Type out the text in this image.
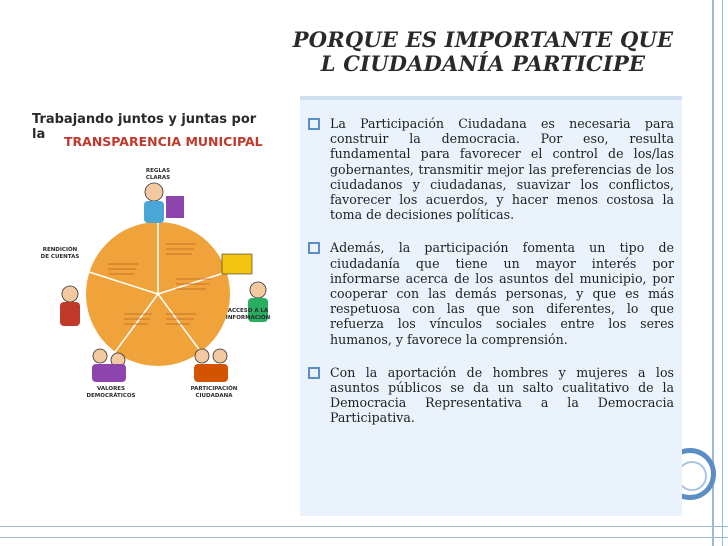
PORQUE ES IMPORTANTE QUE
L CIUDADANÍA PARTICIPE
Trabajando juntos y juntas por la	TRANSPARENCIA MUNICIPAL
REGLAS CLARAS
RENDICIÓN DE CUENTAS
ACCESO A LA INFORMACIÓN
VALORES DEMOCRÁTICOS
PARTICIPACIÓN CIUDADANA
La Participación Ciudadana es necesaria para construir la democracia. Por eso, resulta fundamental para favorecer el control de los/las gobernantes, transmitir mejor las preferencias de los ciudadanos y ciudadanas, suavizar los conflictos, favorecer los acuerdos, y hacer menos costosa la toma de decisiones políticas.
Además, la participación fomenta un tipo de ciudadanía que tiene un mayor interés por informarse acerca de los asuntos del municipio, por cooperar con las demás personas, y que es más respetuosa con las que son diferentes, lo que refuerza los vínculos sociales entre los seres humanos, y favorece la comprensión.
Con la aportación de hombres y mujeres a los asuntos públicos se da un salto cualitativo de la Democracia Representativa a la Democracia Participativa.
